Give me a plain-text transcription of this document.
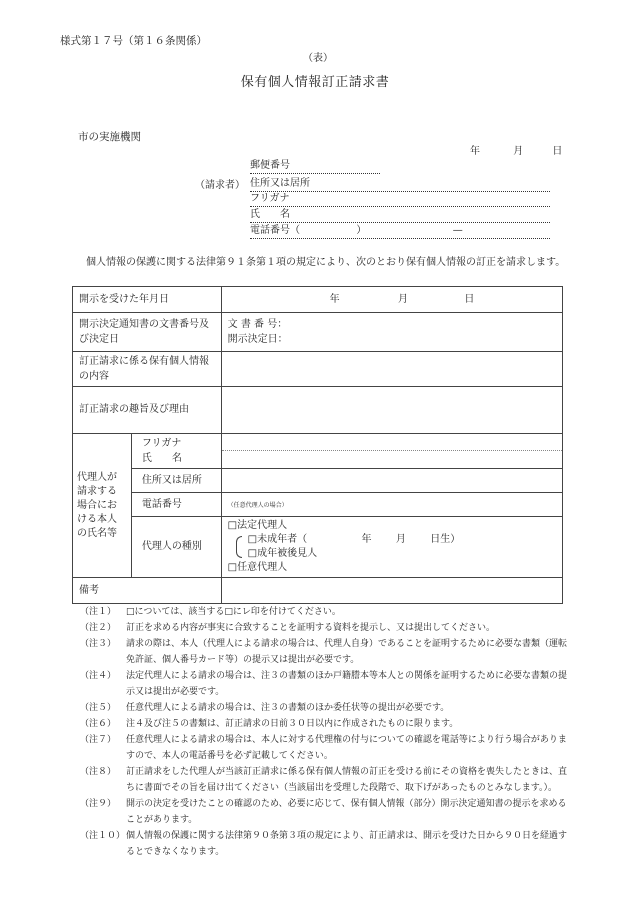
様式第１７号（第１６条関係）
（表）
保有個人情報訂正請求書
市の実施機関
年	月	日
（請求者）
郵便番号
住所又は居所
フリガナ
氏　　名
電話番号（	）	—
個人情報の保護に関する法律第９１条第１項の規定により、次のとおり保有個人情報の訂正を請求します。
開示を受けた年月日		年 月 日
開示決定通知書の文書番号及び決定日		文 書 番 号：
開示決定日：

訂正請求に係る保有個人情報の内容		
訂正請求の趣旨及び理由		
代理人が請求する場合における本人の氏名等	フリガナ
氏　　名	

	住所又は居所	
	電話番号	（任意代理人の場合）
	代理人の種別	□法定代理人
□未成年者（ 年 月 日生）
□成年被後見人
□任意代理人

備考		
（注１）	□については、該当する□にレ印を付けてください。
（注２）	訂正を求める内容が事実に合致することを証明する資料を提示し、又は提出してください。
（注３）	請求の際は、本人（代理人による請求の場合は、代理人自身）であることを証明するために必要な書類（運転免許証、個人番号カード等）の提示又は提出が必要です。
（注４）	法定代理人による請求の場合は、注３の書類のほか戸籍謄本等本人との関係を証明するために必要な書類の提示又は提出が必要です。
（注５）	任意代理人による請求の場合は、注３の書類のほか委任状等の提出が必要です。
（注６）	注４及び注５の書類は、訂正請求の日前３０日以内に作成されたものに限ります。
（注７）	任意代理人による請求の場合は、本人に対する代理権の付与についての確認を電話等により行う場合がありますので、本人の電話番号を必ず記載してください。
（注８）	訂正請求をした代理人が当該訂正請求に係る保有個人情報の訂正を受ける前にその資格を喪失したときは、直ちに書面でその旨を届け出てください（当該届出を受理した段階で、取下げがあったものとみなします。）。
（注９）	開示の決定を受けたことの確認のため、必要に応じて、保有個人情報（部分）開示決定通知書の提示を求めることがあります。
（注１０） 個人情報の保護に関する法律第９０条第３項の規定により、訂正請求は、開示を受けた日から９０日を経過するとできなくなります。
